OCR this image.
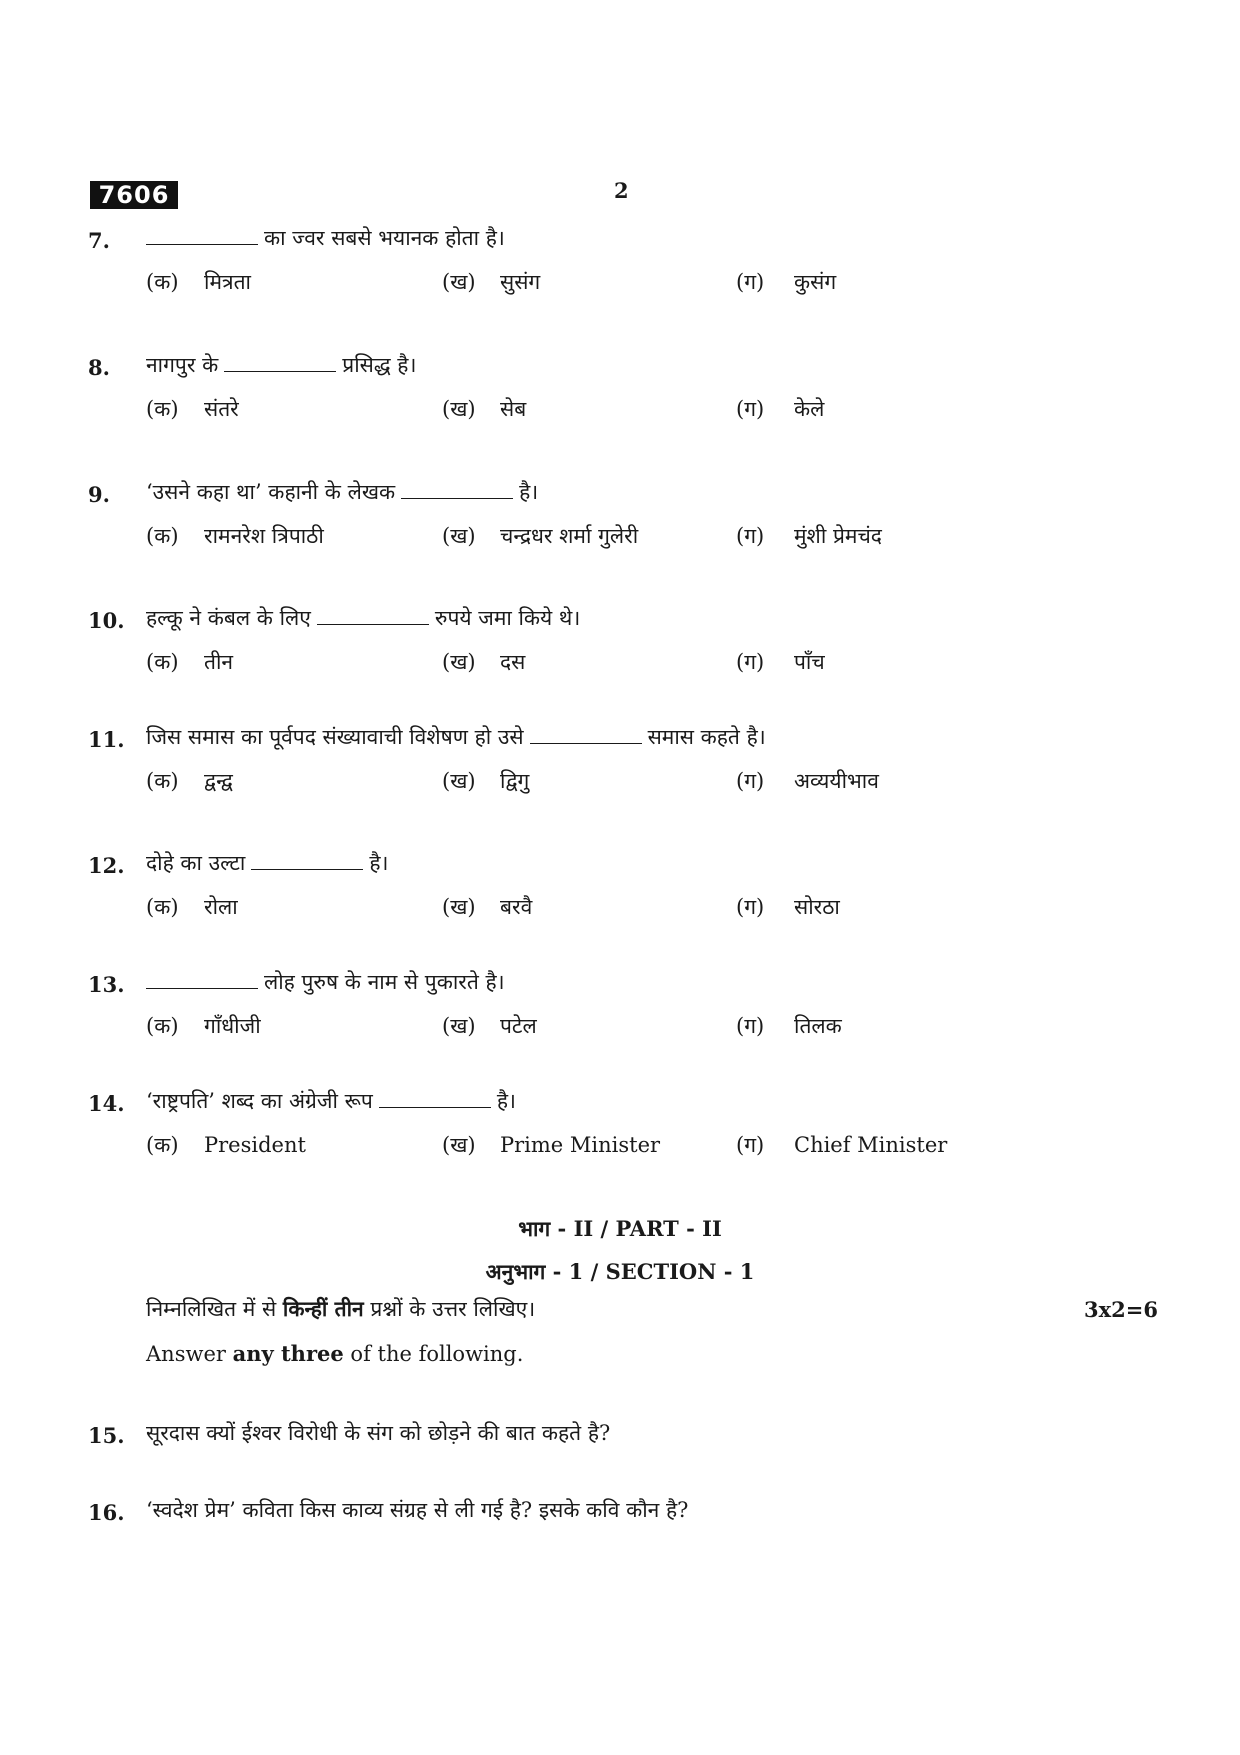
7606	2
7.	का ज्वर सबसे भयानक होता है।
(क) मित्रता	(ख) सुसंग	(ग) कुसंग
8. नागपुर के	प्रसिद्ध है।
(क) संतरे	(ख) सेब	(ग) केले
9. ‘उसने कहा था’ कहानी के लेखक	है।
(क) रामनरेश त्रिपाठी	(ख) चन्द्रधर शर्मा गुलेरी	(ग) मुंशी प्रेमचंद
10. हल्कू ने कंबल के लिए	रुपये जमा किये थे।
(क) तीन	(ख) दस	(ग) पाँच
11. जिस समास का पूर्वपद संख्यावाची विशेषण हो उसे	समास कहते है।
(क) द्वन्द्व	(ख) द्विगु	(ग) अव्ययीभाव
12. दोहे का उल्टा	है।
(क) रोला	(ख) बरवै	(ग) सोरठा
13.	लोह पुरुष के नाम से पुकारते है।
(क) गाँधीजी	(ख) पटेल	(ग) तिलक
14. ‘राष्ट्रपति’ शब्द का अंग्रेजी रूप	है।
(क) President	(ख) Prime Minister	(ग) Chief Minister
भाग - II / PART - II
अनुभाग - 1 / SECTION - 1
निम्नलिखित में से किन्हीं तीन प्रश्नों के उत्तर लिखिए।	3x2=6
Answer any three of the following.
15. सूरदास क्यों ईश्वर विरोधी के संग को छोड़ने की बात कहते है?
16. ‘स्वदेश प्रेम’ कविता किस काव्य संग्रह से ली गई है? इसके कवि कौन है?
